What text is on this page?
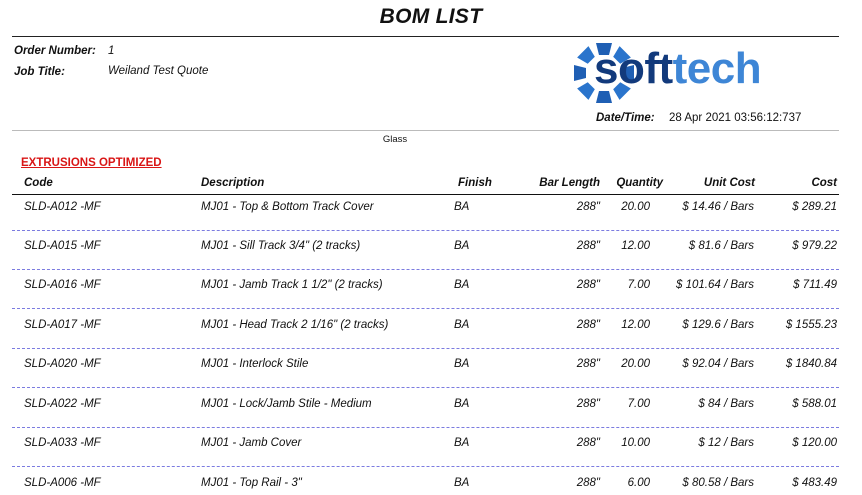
BOM LIST
Order Number: 1
Job Title:	Weiland Test Quote	softtech
Date/Time: 28 Apr 2021 03:56:12:737
Glass
EXTRUSIONS OPTIMIZED
Code	Description	Finish	Bar Length	Quantity	Unit Cost	Cost
SLD-A012 -MF	MJ01 - Top & Bottom Track Cover	BA	288"	20.00	$ 14.46 / Bars	$ 289.21
SLD-A015 -MF	MJ01 - Sill Track 3/4" (2 tracks)	BA	288"	12.00	$ 81.6 / Bars	$ 979.22
SLD-A016 -MF	MJ01 - Jamb Track 1 1/2" (2 tracks)	BA	288"	7.00	$ 101.64 / Bars	$ 711.49
SLD-A017 -MF	MJ01 - Head Track 2 1/16" (2 tracks)	BA	288"	12.00	$ 129.6 / Bars	$ 1555.23
SLD-A020 -MF	MJ01 - Interlock Stile	BA	288"	20.00	$ 92.04 / Bars	$ 1840.84
SLD-A022 -MF	MJ01 - Lock/Jamb Stile - Medium	BA	288"	7.00	$ 84 / Bars	$ 588.01
SLD-A033 -MF	MJ01 - Jamb Cover	BA	288"	10.00	$ 12 / Bars	$ 120.00
SLD-A006 -MF	MJ01 - Top Rail - 3"	BA	288"	6.00	$ 80.58 / Bars	$ 483.49
